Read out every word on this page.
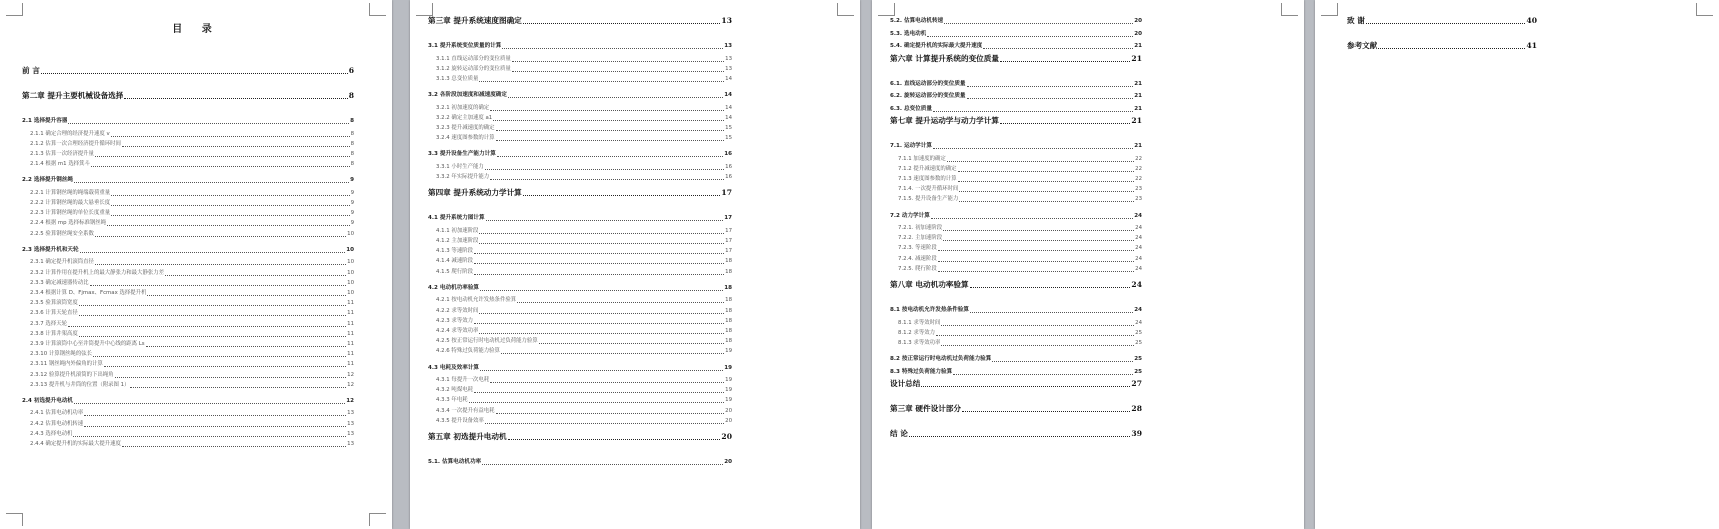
目 录
前 言	6
第二章 提升主要机械设备选择	8
2.1 选择提升容器	8
2.1.1 确定合理的经济提升速度 v	8
2.1.2 估算一次合理经济提升循环时间	8
2.1.3 估算一次经济提升量	8
2.1.4 根据 m1 选择箕斗	8
2.2 选择提升钢丝绳	9
2.2.1 计算钢丝绳的绳端载荷重量	9
2.2.2 计算钢丝绳的最大悬垂长度	9
2.2.3 计算钢丝绳的单位长度重量	9
2.2.4 根据 mp 选择标准钢丝绳	9
2.2.5 验算钢丝绳安全系数	10
2.3 选择提升机和天轮	10
2.3.1 确定提升机滚筒直径	10
2.3.2 计算作用在提升机上的最大静张力和最大静张力差	10
2.3.3 确定减速器传动比	10
2.3.4 根据计算 D、Fjmax、Fcmax 选择提升机	10
2.3.5 验算滚筒宽度	11
2.3.6 计算天轮直径	11
2.3.7 选择天轮	11
2.3.8 计算井架高度	11
2.3.9 计算滚筒中心至井筒提升中心线的距离 Ls	11
2.3.10 计算钢丝绳的弦长	11
2.3.11 钢丝绳内外偏角的计算	11
2.3.12 验算提升机滚筒的下出绳角	12
2.3.13 提升机与井筒的位置（附录图 1）	12
2.4 初选提升电动机	12
2.4.1 估算电动机功率	13
2.4.2 估算电动机转速	13
2.4.3 选择电动机	13
2.4.4 确定提升机的实际最大提升速度	13
第三章 提升系统速度图确定	13
3.1 提升系统变位质量的计算	13
3.1.1 直线运动部分的变位质量	13
3.1.2 旋转运动部分的变位质量	13
3.1.3 总变位质量	14
3.2 各阶段加速度和减速度确定	14
3.2.1 初加速度的确定	14
3.2.2 确定主加速度 a1	14
3.2.3 提升减速度的确定	15
3.2.4 速度图参数的计算	15
3.3 提升设备生产能力计算	16
3.3.1 小时生产能力	16
3.3.2 年实际提升能力	16
第四章 提升系统动力学计算	17
4.1 提升系统力图计算	17
4.1.1 初加速阶段	17
4.1.2 主加速阶段	17
4.1.3 等速阶段	17
4.1.4 减速阶段	18
4.1.5 爬行阶段	18
4.2 电动机功率验算	18
4.2.1 按电动机允许发热条件验算	18
4.2.2 求等效时间	18
4.2.3 求等效力	18
4.2.4 求等效功率	18
4.2.5 按正常运行时电动机过负荷能力验算	18
4.2.6 特殊过负荷能力验算	19
4.3 电耗及效率计算	19
4.3.1 每提升一次电耗	19
4.3.2 吨煤电耗	19
4.3.3 年电耗	19
4.3.4 一次提升有益电耗	20
4.3.5 提升设备效率	20
第五章 初选提升电动机	20
5.1. 估算电动机功率	20
5.2. 估算电动机转速	20
5.3. 选电动机	20
5.4. 确定提升机的实际最大提升速度	21
第六章 计算提升系统的变位质量	21
6.1. 直线运动部分的变位质量	21
6.2. 旋转运动部分的变位质量	21
6.3. 总变位质量	21
第七章 提升运动学与动力学计算	21
7.1. 运动学计算	21
7.1.1 加速度的确定	22
7.1.2 提升减速度的确定	22
7.1.3 速度图参数的计算	22
7.1.4. 一次提升循环时间	23
7.1.5. 提升设备生产能力	23
7.2 动力学计算	24
7.2.1. 初加速阶段	24
7.2.2. 主加速阶段	24
7.2.3. 等速阶段	24
7.2.4. 减速阶段	24
7.2.5. 爬行阶段	24
第八章 电动机功率验算	24
8.1 按电动机允许发热条件验算	24
8.1.1 求等效时间	24
8.1.2 求等效力	25
8.1.3 求等效功率	25
8.2 按正常运行时电动机过负荷能力验算	25
8.3 特殊过负荷能力验算	25
设计总结	27
第三章 硬件设计部分	28
结 论	39
致 谢	40
参考文献	41
